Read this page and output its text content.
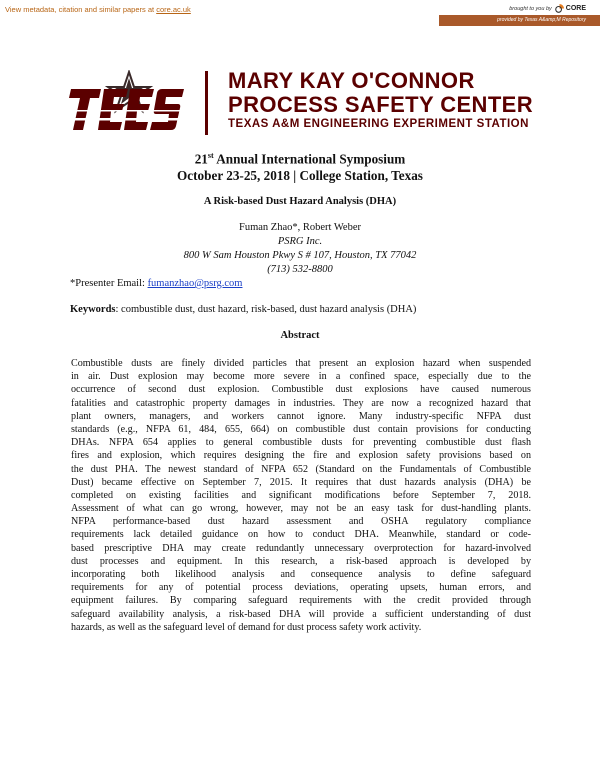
View metadata, citation and similar papers at core.ac.uk	brought to you by CORE
provided by Texas A&amp;M Repository
MARY KAY O'CONNOR
PROCESS SAFETY CENTER
TEXAS A&M ENGINEERING EXPERIMENT STATION
21st Annual International Symposium
October 23-25, 2018 | College Station, Texas
A Risk-based Dust Hazard Analysis (DHA)
Fuman Zhao*, Robert Weber
PSRG Inc.
800 W Sam Houston Pkwy S # 107, Houston, TX 77042
(713) 532-8800
*Presenter Email: fumanzhao@psrg.com
Keywords: combustible dust, dust hazard, risk-based, dust hazard analysis (DHA)
Abstract
Combustible dusts are finely divided particles that present an explosion hazard when suspended
in air. Dust explosion may become more severe in a confined space, especially due to the
occurrence of second dust explosion. Combustible dust explosions have caused numerous
fatalities and catastrophic property damages in industries. They are now a recognized hazard that
plant owners, managers, and workers cannot ignore. Many industry-specific NFPA dust
standards (e.g., NFPA 61, 484, 655, 664) on combustible dust contain provisions for conducting
DHAs. NFPA 654 applies to general combustible dusts for preventing combustible dust flash
fires and explosion, which requires designing the fire and explosion safety provisions based on
the dust PHA. The newest standard of NFPA 652 (Standard on the Fundamentals of Combustible
Dust) became effective on September 7, 2015. It requires that dust hazards analysis (DHA) be
completed on existing facilities and significant modifications before September 7, 2018.
Assessment of what can go wrong, however, may not be an easy task for dust-handling plants.
NFPA performance-based dust hazard assessment and OSHA regulatory compliance
requirements lack detailed guidance on how to conduct DHA. Meanwhile, standard or code-
based prescriptive DHA may create redundantly unnecessary overprotection for hazard-involved
dust processes and equipment. In this research, a risk-based approach is developed by
incorporating both likelihood analysis and consequence analysis to define safeguard
requirements for any of potential process deviations, operating upsets, human errors, and
equipment failures. By comparing safeguard requirements with the credit provided through
safeguard availability analysis, a risk-based DHA will provide a sufficient understanding of dust
hazards, as well as the safeguard level of demand for dust process safety work activity.
